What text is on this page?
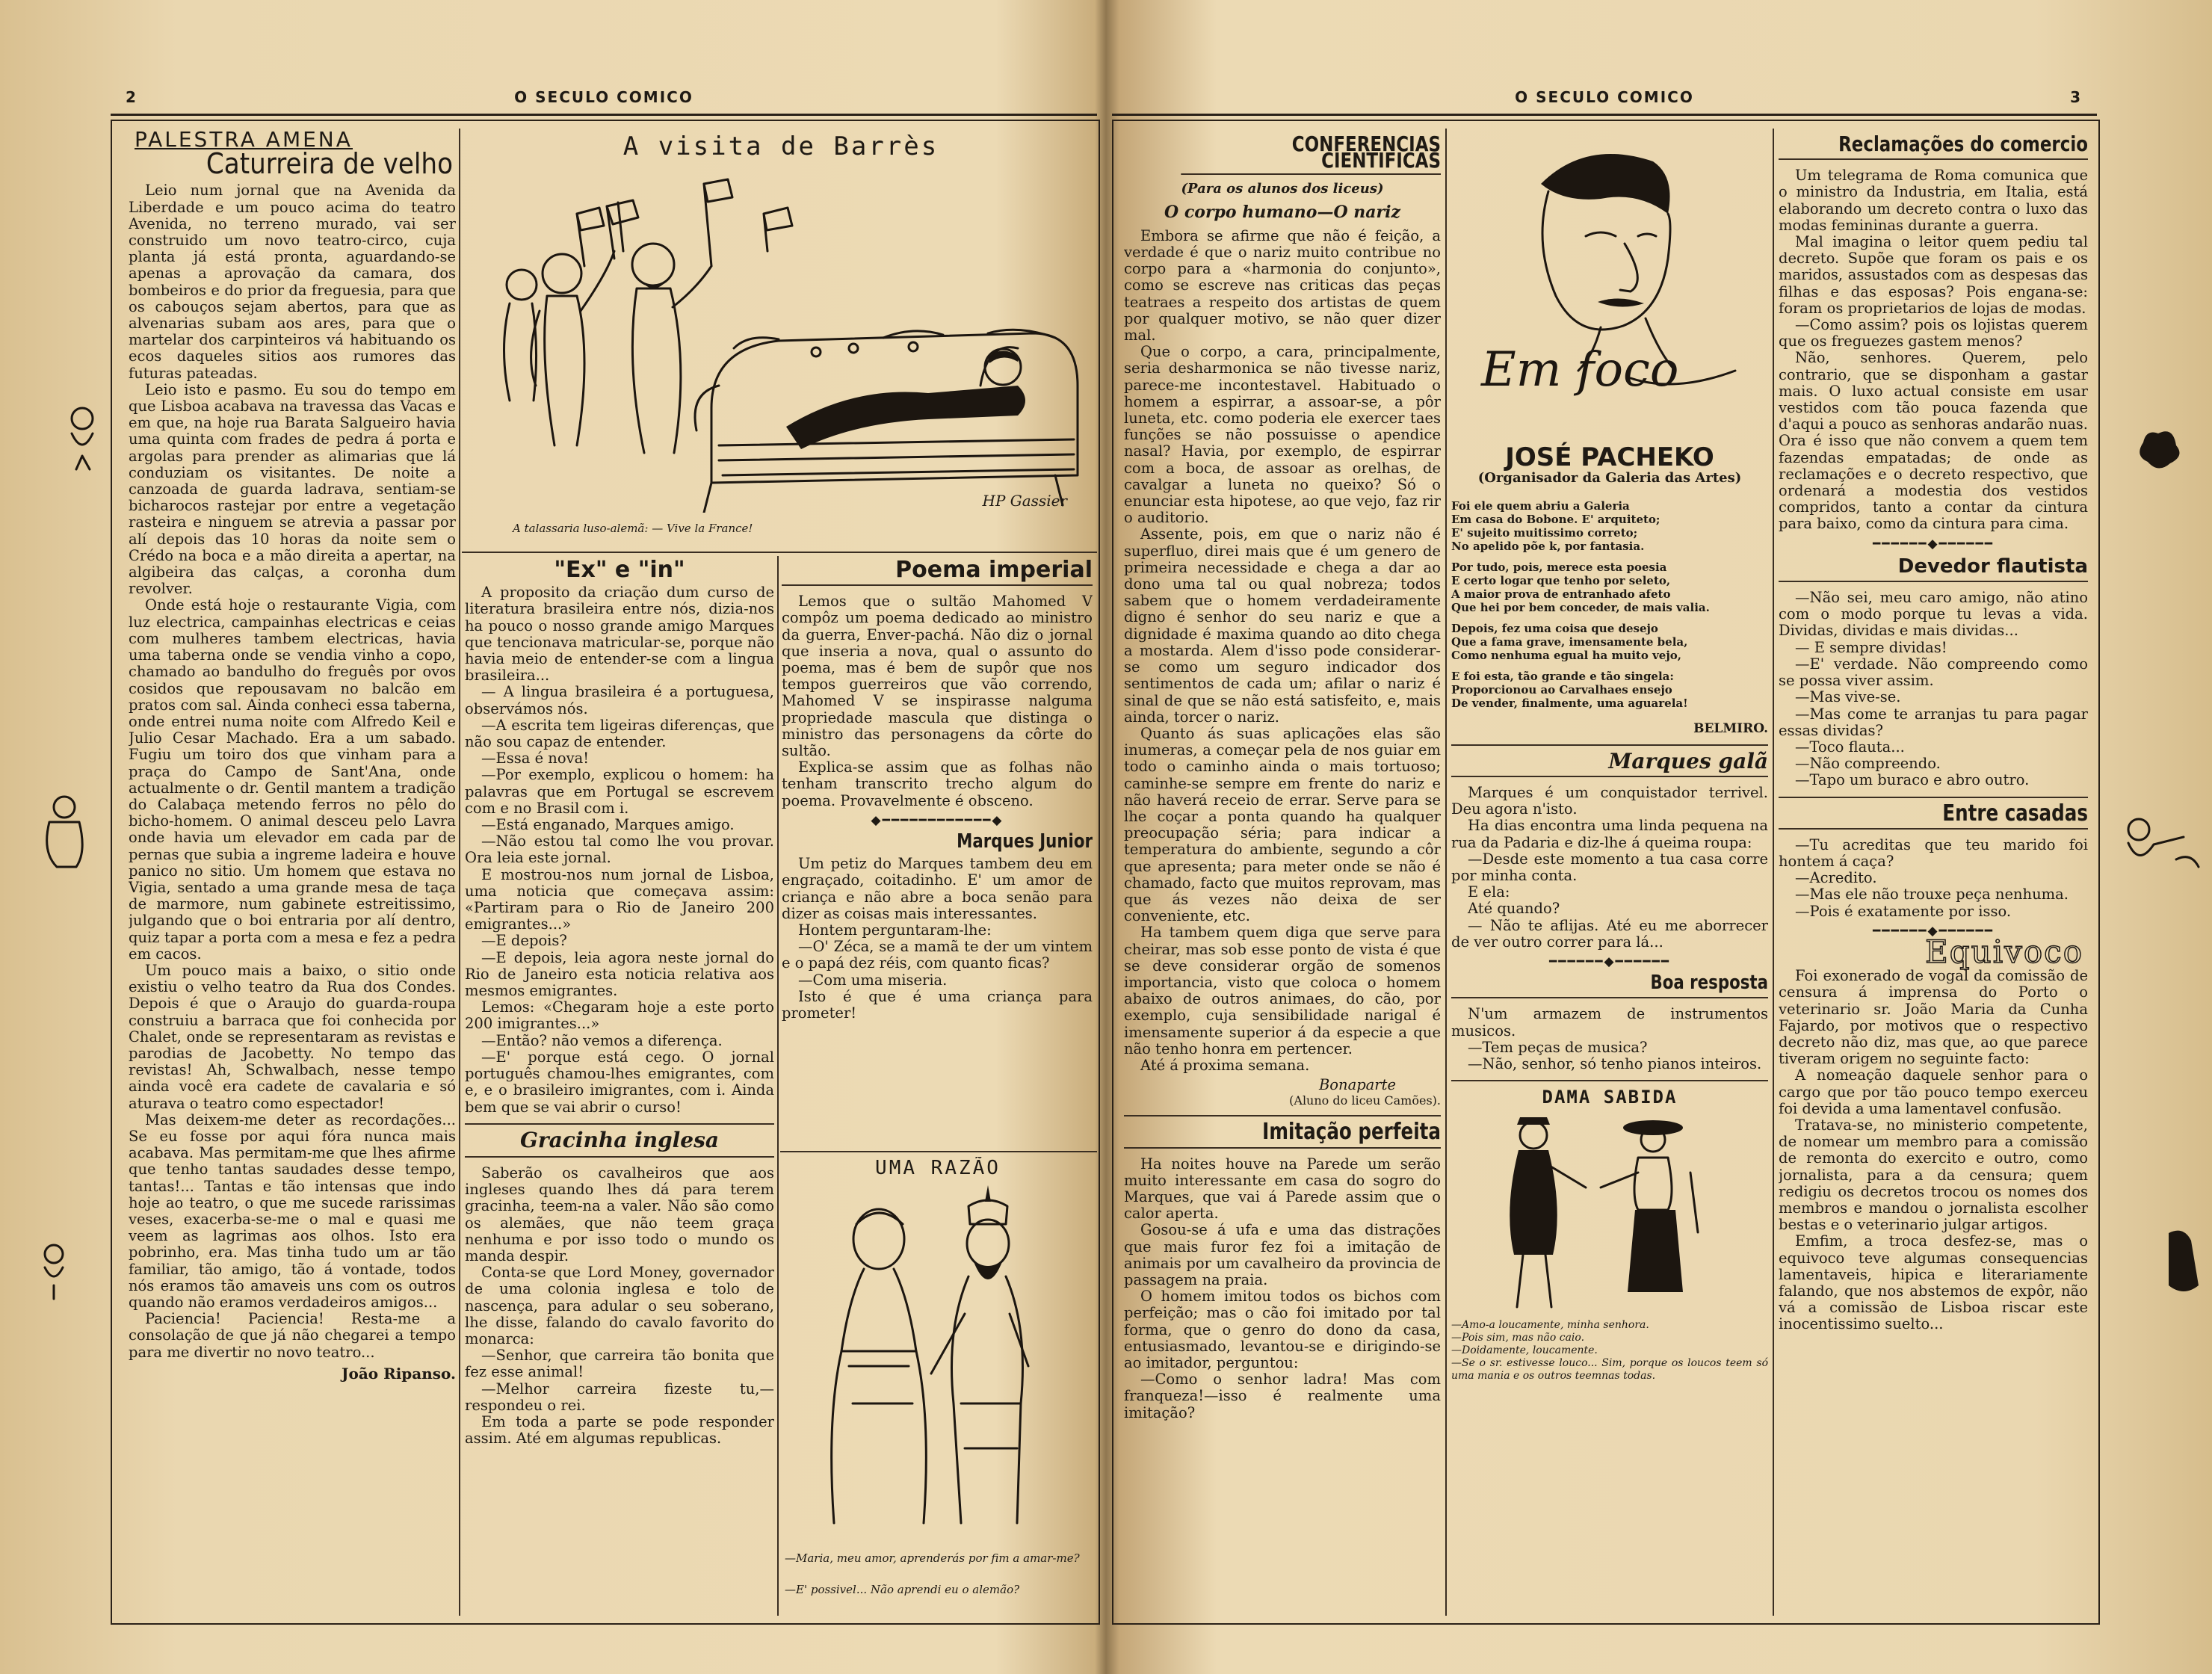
2	O SECULO COMICO
PALESTRA AMENA
Caturreira de velho

Leio num jornal que na Avenida da Liberdade e um pouco acima do teatro Avenida, no terreno murado, vai ser construido um novo teatro-circo, cuja planta já está pronta, aguardando-se apenas a aprovação da camara, dos bombeiros e do prior da freguesia, para que os cabouços sejam abertos, para que as alvenarias subam aos ares, para que o martelar dos carpinteiros vá habituando os ecos daqueles sitios aos rumores das futuras pateadas.

Leio isto e pasmo. Eu sou do tempo em que Lisboa acabava na travessa das Vacas e em que, na hoje rua Barata Salgueiro havia uma quinta com frades de pedra á porta e argolas para prender as alimarias que lá conduziam os visitantes. De noite a canzoada de guarda ladrava, sentiam-se bicharocos rastejar por entre a vegetação rasteira e ninguem se atrevia a passar por alí depois das 10 horas da noite sem o Crédo na boca e a mão direita a apertar, na algibeira das calças, a coronha dum revolver.

Onde está hoje o restaurante Vigia, com luz electrica, campainhas electricas e ceias com mulheres tambem electricas, havia uma taberna onde se vendia vinho a copo, chamado ao bandulho do freguês por ovos cosidos que repousavam no balcão em pratos com sal. Ainda conheci essa taberna, onde entrei numa noite com Alfredo Keil e Julio Cesar Machado. Era a um sabado. Fugiu um toiro dos que vinham para a praça do Campo de Sant'Ana, onde actualmente o dr. Gentil mantem a tradição do Calabaça metendo ferros no pêlo do bicho-homem. O animal desceu pelo Lavra onde havia um elevador em cada par de pernas que subia a ingreme ladeira e houve panico no sitio. Um homem que estava no Vigia, sentado a uma grande mesa de taça de marmore, num gabinete estreitissimo, julgando que o boi entraria por alí dentro, quiz tapar a porta com a mesa e fez a pedra em cacos.

Um pouco mais a baixo, o sitio onde existiu o velho teatro da Rua dos Condes. Depois é que o Araujo do guarda-roupa construiu a barraca que foi conhecida por Chalet, onde se representaram as revistas e parodias de Jacobetty. No tempo das revistas! Ah, Schwalbach, nesse tempo ainda você era cadete de cavalaria e só aturava o teatro como espectador!

Mas deixem-me deter as recordações... Se eu fosse por aqui fóra nunca mais acabava. Mas permitam-me que lhes afirme que tenho tantas saudades desse tempo, tantas!... Tantas e tão intensas que indo hoje ao teatro, o que me sucede rarissimas veses, exacerba-se-me o mal e quasi me veem as lagrimas aos olhos. Isto era pobrinho, era. Mas tinha tudo um ar tão familiar, tão amigo, tão á vontade, todos nós eramos tão amaveis uns com os outros quando não eramos verdadeiros amigos...

Paciencia! Paciencia! Resta-me a consolação de que já não chegarei a tempo para me divertir no novo teatro...

João Ripanso.
A visita de Barrès
HP Gassier
A talassaria luso-alemã: — Vive la France!
"Ex" e "in"

A proposito da criação dum curso de literatura brasileira entre nós, dizia-nos ha pouco o nosso grande amigo Marques que tencionava matricular-se, porque não havia meio de entender-se com a lingua brasileira...

— A lingua brasileira é a portuguesa, observámos nós.

—A escrita tem ligeiras diferenças, que não sou capaz de entender.

—Essa é nova!

—Por exemplo, explicou o homem: ha palavras que em Portugal se escrevem com e no Brasil com i.

—Está enganado, Marques amigo.

—Não estou tal como lhe vou provar. Ora leia este jornal.

E mostrou-nos num jornal de Lisboa, uma noticia que começava assim: «Partiram para o Rio de Janeiro 200 emigrantes...»

—E depois?

—E depois, leia agora neste jornal do Rio de Janeiro esta noticia relativa aos mesmos emigrantes.

Lemos: «Chegaram hoje a este porto 200 imigrantes...»

—Então? não vemos a diferença.

—E' porque está cego. O jornal português chamou-lhes emigrantes, com e, e o brasileiro imigrantes, com i. Ainda bem que se vai abrir o curso!

Gracinha inglesa

Saberão os cavalheiros que aos ingleses quando lhes dá para terem gracinha, teem-na a valer. Não são como os alemães, que não teem graça nenhuma e por isso todo o mundo os manda despir.

Conta-se que Lord Money, governador de uma colonia inglesa e tolo de nascença, para adular o seu soberano, lhe disse, falando do cavalo favorito do monarca:

—Senhor, que carreira tão bonita que fez esse animal!

—Melhor carreira fizeste tu,—respondeu o rei.

Em toda a parte se pode responder assim. Até em algumas republicas.

Poema imperial

Lemos que o sultão Mahomed V compôz um poema dedicado ao ministro da guerra, Enver-pachá. Não diz o jornal que inseria a nova, qual o assunto do poema, mas é bem de supôr que nos tempos guerreiros que vão correndo, Mahomed V se inspirasse nalguma propriedade mascula que distinga o ministro das personagens da côrte do sultão.

Explica-se assim que as folhas não tenham transcrito trecho algum do poema. Provavelmente é obsceno.

◆━━━━━━━━━━━━◆
Marques Junior

Um petiz do Marques tambem deu em engraçado, coitadinho. E' um amor de criança e não abre a boca senão para dizer as coisas mais interessantes.

Hontem perguntaram-lhe:

—O' Zéca, se a mamã te der um vintem e o papá dez réis, com quanto ficas?

—Com uma miseria.

Isto é que é uma criança para prometer!

UMA RAZÃO
—Maria, meu amor, aprenderás por fim a amar-me?
—E' possivel... Não aprendi eu o alemão?
O SECULO COMICO	3
CONFERENCIAS CIENTIFICAS
(Para os alunos dos liceus)
O corpo humano—O nariz

Embora se afirme que não é feição, a verdade é que o nariz muito contribue no corpo para a «harmonia do conjunto», como se escreve nas criticas das peças teatraes a respeito dos artistas de quem por qualquer motivo, se não quer dizer mal.

Que o corpo, a cara, principalmente, seria desharmonica se não tivesse nariz, parece-me incontestavel. Habituado o homem a espirrar, a assoar-se, a pôr luneta, etc. como poderia ele exercer taes funções se não possuisse o apendice nasal? Havia, por exemplo, de espirrar com a boca, de assoar as orelhas, de cavalgar a luneta no queixo? Só o enunciar esta hipotese, ao que vejo, faz rir o auditorio.

Assente, pois, em que o nariz não é superfluo, direi mais que é um genero de primeira necessidade e chega a dar ao dono uma tal ou qual nobreza; todos sabem que o homem verdadeiramente digno é senhor do seu nariz e que a dignidade é maxima quando ao dito chega a mostarda. Alem d'isso pode considerar-se como um seguro indicador dos sentimentos de cada um; afilar o nariz é sinal de que se não está satisfeito, e, mais ainda, torcer o nariz.

Quanto ás suas aplicações elas são inumeras, a começar pela de nos guiar em todo o caminho ainda o mais tortuoso; caminhe-se sempre em frente do nariz e não haverá receio de errar. Serve para se lhe coçar a ponta quando ha qualquer preocupação séria; para indicar a temperatura do ambiente, segundo a côr que apresenta; para meter onde se não é chamado, facto que muitos reprovam, mas que ás vezes não deixa de ser conveniente, etc.

Ha tambem quem diga que serve para cheirar, mas sob esse ponto de vista é que se deve considerar orgão de somenos importancia, visto que coloca o homem abaixo de outros animaes, do cão, por exemplo, cuja sensibilidade narigal é imensamente superior á da especie a que não tenho honra em pertencer.

Até á proxima semana.

Bonaparte
(Aluno do liceu Camões).
Imitação perfeita

Ha noites houve na Parede um serão muito interessante em casa do sogro do Marques, que vai á Parede assim que o calor aperta.

Gosou-se á ufa e uma das distrações que mais furor fez foi a imitação de animais por um cavalheiro da provincia de passagem na praia.

O homem imitou todos os bichos com perfeição; mas o cão foi imitado por tal forma, que o genro do dono da casa, entusiasmado, levantou-se e dirigindo-se ao imitador, perguntou:

—Como o senhor ladra! Mas com franqueza!—isso é realmente uma imitação?

Em foco
JOSÉ PACHEKO
(Organisador da Galeria das Artes)
Foi ele quem abriu a Galeria
Em casa do Bobone. E' arquiteto;
E' sujeito muitissimo correto;
No apelido põe k, por fantasia.
Por tudo, pois, merece esta poesia
E certo logar que tenho por seleto,
A maior prova de entranhado afeto
Que hei por bem conceder, de mais valia.
Depois, fez uma coisa que desejo
Que a fama grave, imensamente bela,
Como nenhuma egual ha muito vejo,
E foi esta, tão grande e tão singela:
Proporcionou ao Carvalhaes ensejo
De vender, finalmente, uma aguarela!
BELMIRO.
Marques galã

Marques é um conquistador terrivel. Deu agora n'isto.

Ha dias encontra uma linda pequena na rua da Padaria e diz-lhe á queima roupa:

—Desde este momento a tua casa corre por minha conta.

E ela:

Até quando?

— Não te aflijas. Até eu me aborrecer de ver outro correr para lá...

━━━━━━◆━━━━━━
Boa resposta

N'um armazem de instrumentos musicos.

—Tem peças de musica?

—Não, senhor, só tenho pianos inteiros.

DAMA SABIDA
—Amo-a loucamente, minha senhora.
—Pois sim, mas não caio.
—Doidamente, loucamente.
—Se o sr. estivesse louco... Sim, porque os loucos teem só uma mania e os outros teemnas todas.
Reclamações do comercio

Um telegrama de Roma comunica que o ministro da Industria, em Italia, está elaborando um decreto contra o luxo das modas femininas durante a guerra.

Mal imagina o leitor quem pediu tal decreto. Supõe que foram os pais e os maridos, assustados com as despesas das filhas e das esposas? Pois engana-se: foram os proprietarios de lojas de modas.

—Como assim? pois os lojistas querem que os freguezes gastem menos?

Não, senhores. Querem, pelo contrario, que se disponham a gastar mais. O luxo actual consiste em usar vestidos com tão pouca fazenda que d'aqui a pouco as senhoras andarão nuas. Ora é isso que não convem a quem tem fazendas empatadas; de onde as reclamações e o decreto respectivo, que ordenará a modestia dos vestidos compridos, tanto a contar da cintura para baixo, como da cintura para cima.

━━━━━━◆━━━━━━
Devedor flautista

—Não sei, meu caro amigo, não atino com o modo porque tu levas a vida. Dividas, dividas e mais dividas...

— E sempre dividas!

—E' verdade. Não compreendo como se possa viver assim.

—Mas vive-se.

—Mas come te arranjas tu para pagar essas dividas?

—Toco flauta...

—Não compreendo.

—Tapo um buraco e abro outro.

Entre casadas

—Tu acreditas que teu marido foi hontem á caça?

—Acredito.

—Mas ele não trouxe peça nenhuma.

—Pois é exatamente por isso.

━━━━━━◆━━━━━━
Equivoco

Foi exonerado de vogal da comissão de censura á imprensa do Porto o veterinario sr. João Maria da Cunha Fajardo, por motivos que o respectivo decreto não diz, mas que, ao que parece tiveram origem no seguinte facto:

A nomeação daquele senhor para o cargo que por tão pouco tempo exerceu foi devida a uma lamentavel confusão.

Tratava-se, no ministerio competente, de nomear um membro para a comissão de remonta do exercito e outro, como jornalista, para a da censura; quem redigiu os decretos trocou os nomes dos membros e mandou o jornalista escolher bestas e o veterinario julgar artigos.

Emfim, a troca desfez-se, mas o equivoco teve algumas consequencias lamentaveis, hipica e literariamente falando, que nos abstemos de expôr, não vá a comissão de Lisboa riscar este inocentissimo suelto...
